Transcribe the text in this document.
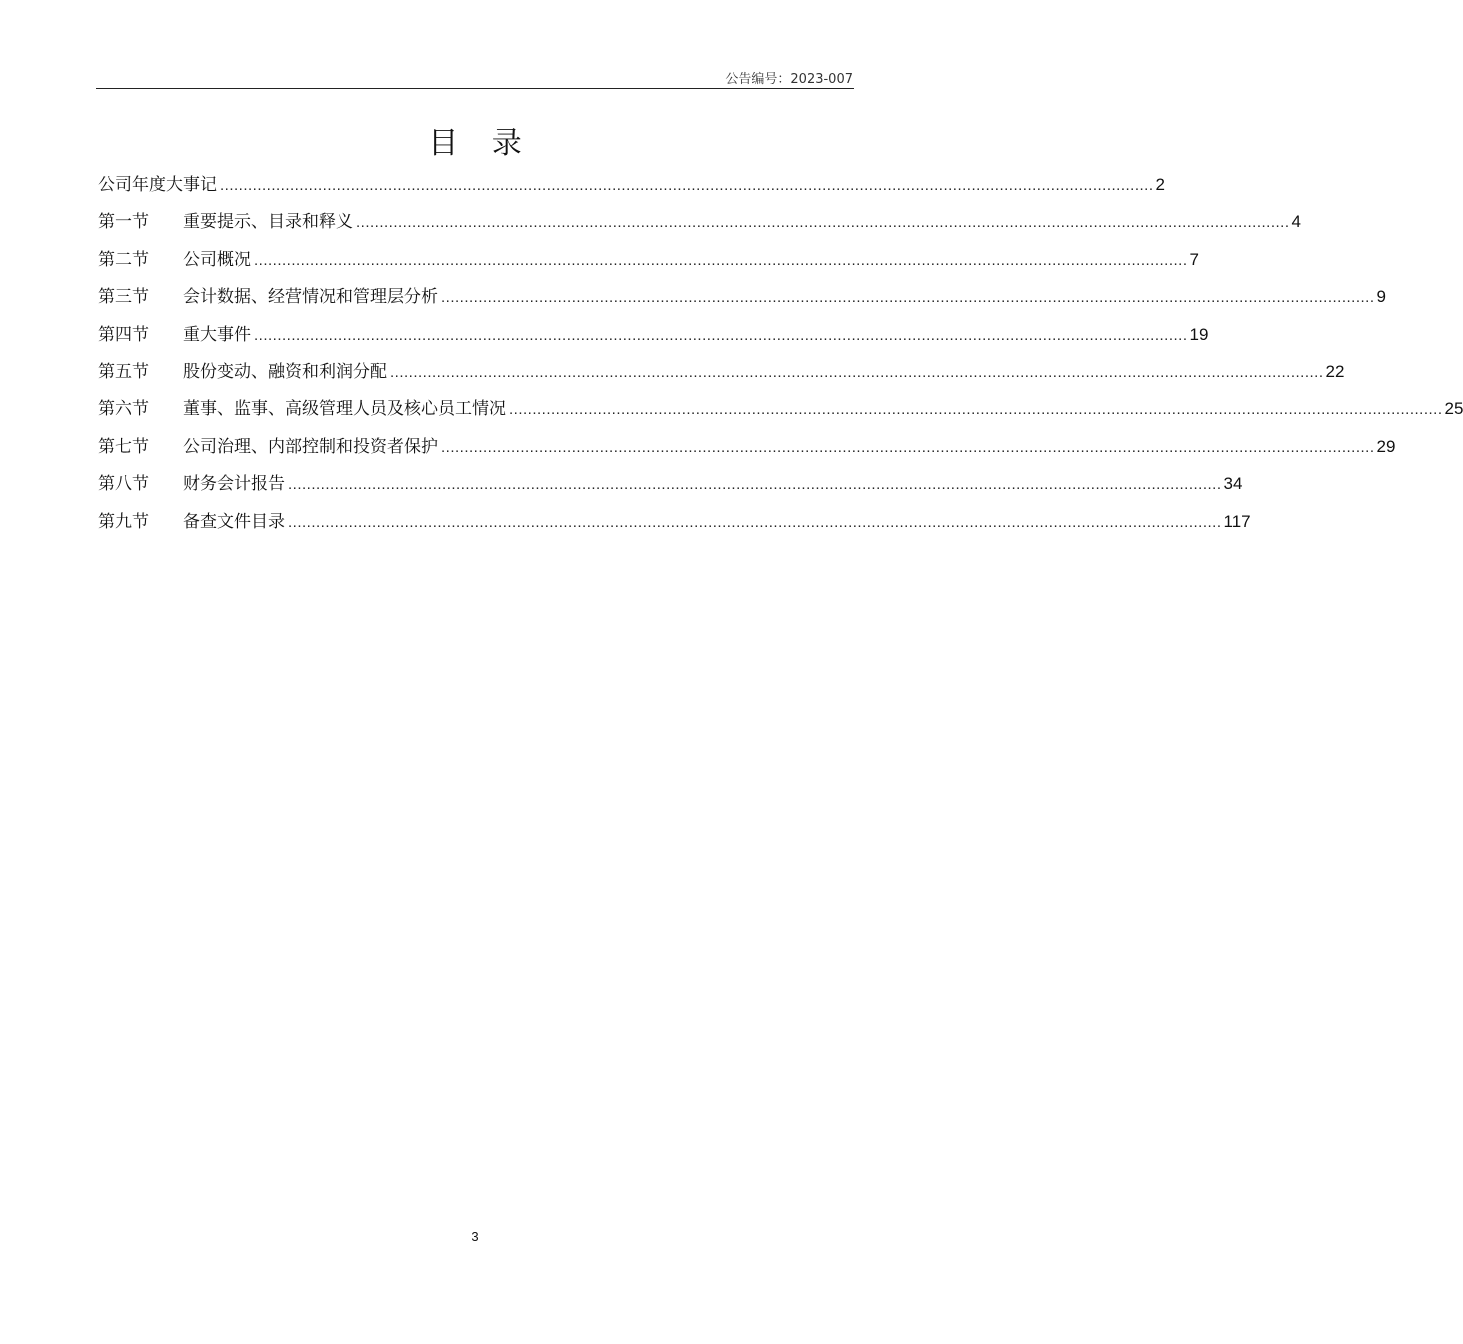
公告编号：2023-007
目 录
公司年度大事记 ........................................................................................................................................................................................................ 2
第一节	重要提示、目录和释义 ........................................................................................................................................................................................................ 4
第二节	公司概况 ........................................................................................................................................................................................................ 7
第三节	会计数据、经营情况和管理层分析 ........................................................................................................................................................................................................ 9
第四节	重大事件 ........................................................................................................................................................................................................ 19
第五节	股份变动、融资和利润分配 ........................................................................................................................................................................................................ 22
第六节	董事、监事、高级管理人员及核心员工情况 ........................................................................................................................................................................................................ 25
第七节	公司治理、内部控制和投资者保护 ........................................................................................................................................................................................................ 29
第八节	财务会计报告 ........................................................................................................................................................................................................ 34
第九节	备查文件目录 ........................................................................................................................................................................................................ 117
3
